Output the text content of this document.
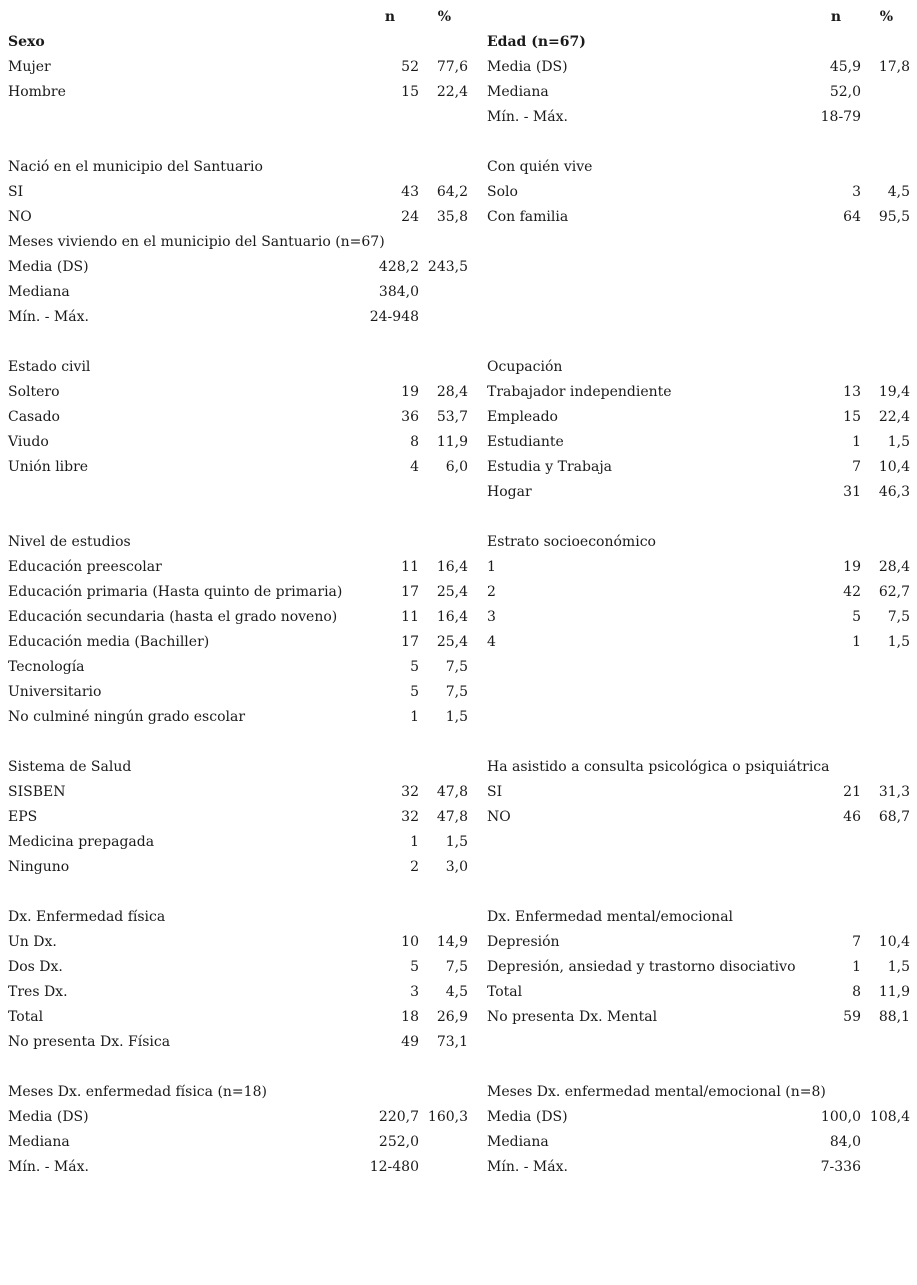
n	%
Sexo
Mujer	52 77,6
Hombre	15 22,4
Nació en el municipio del Santuario
SI	43 64,2
NO	24 35,8
Meses viviendo en el municipio del Santuario (n=67)
Media (DS)	428,2 243,5
Mediana	384,0
Mín. - Máx.	24-948
Estado civil
Soltero	19 28,4
Casado	36 53,7
Viudo	8 11,9
Unión libre	4 6,0
Nivel de estudios
Educación preescolar	11 16,4
Educación primaria (Hasta quinto de primaria)	17 25,4
Educación secundaria (hasta el grado noveno)	11 16,4
Educación media (Bachiller)	17 25,4
Tecnología	5 7,5
Universitario	5 7,5
No culminé ningún grado escolar	1 1,5
Sistema de Salud
SISBEN	32 47,8
EPS	32 47,8
Medicina prepagada	1 1,5
Ninguno	2 3,0
Dx. Enfermedad física
Un Dx.	10 14,9
Dos Dx.	5 7,5
Tres Dx.	3 4,5
Total	18 26,9
No presenta Dx. Física	49 73,1
Meses Dx. enfermedad física (n=18)
Media (DS)	220,7 160,3
Mediana	252,0
Mín. - Máx.	12-480
n	%
Edad (n=67)
Media (DS)	45,9 17,8
Mediana	52,0
Mín. - Máx.	18-79
Con quién vive
Solo	3 4,5
Con familia	64 95,5
Ocupación
Trabajador independiente	13 19,4
Empleado	15 22,4
Estudiante	1 1,5
Estudia y Trabaja	7 10,4
Hogar	31 46,3
Estrato socioeconómico
1	19 28,4
2	42 62,7
3	5 7,5
4	1 1,5
Ha asistido a consulta psicológica o psiquiátrica
SI	21 31,3
NO	46 68,7
Dx. Enfermedad mental/emocional
Depresión	7 10,4
Depresión, ansiedad y trastorno disociativo	1 1,5
Total	8 11,9
No presenta Dx. Mental	59 88,1
Meses Dx. enfermedad mental/emocional (n=8)
Media (DS)	100,0 108,4
Mediana	84,0
Mín. - Máx.	7-336
